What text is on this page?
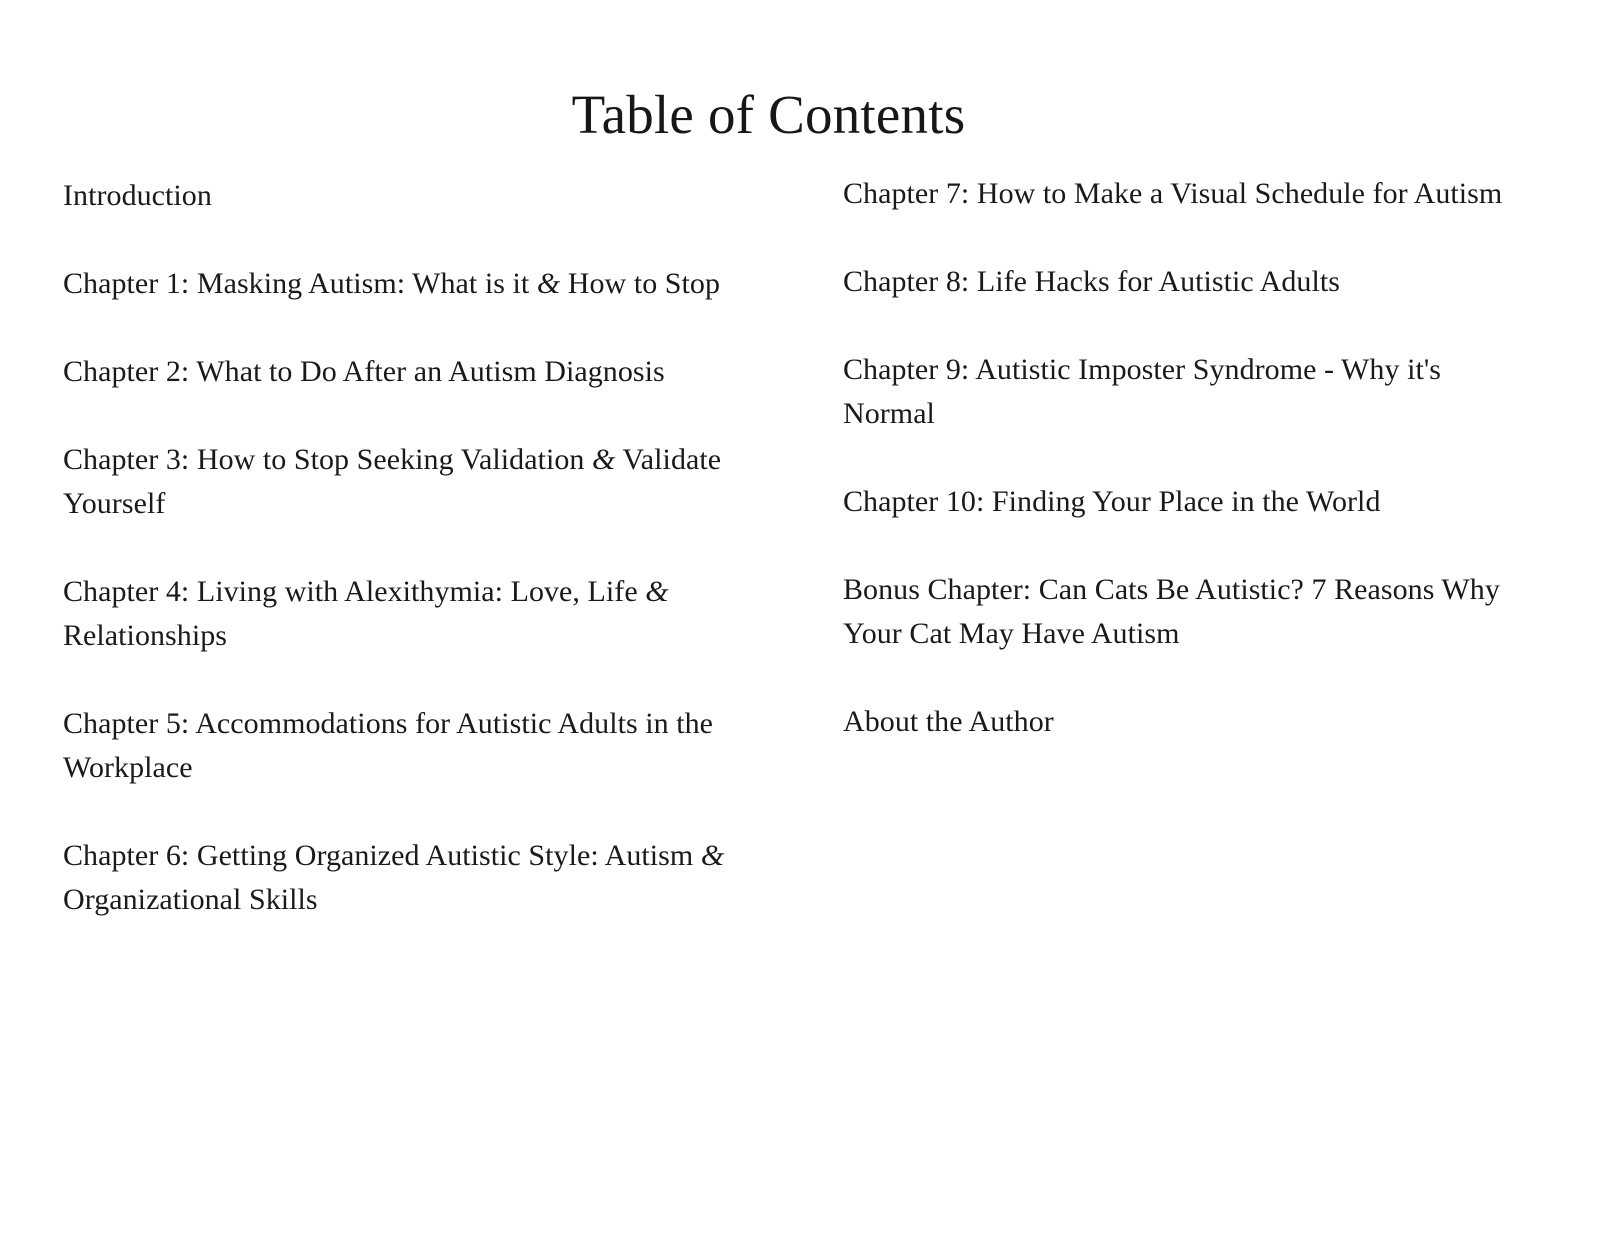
Table of Contents

Introduction

Chapter 1: Masking Autism: What is it & How to Stop

Chapter 2: What to Do After an Autism Diagnosis

Chapter 3: How to Stop Seeking Validation & Validate Yourself

Chapter 4: Living with Alexithymia: Love, Life & Relationships

Chapter 5: Accommodations for Autistic Adults in the Workplace

Chapter 6: Getting Organized Autistic Style: Autism & Organizational Skills

Chapter 7: How to Make a Visual Schedule for Autism

Chapter 8: Life Hacks for Autistic Adults

Chapter 9: Autistic Imposter Syndrome - Why it's Normal

Chapter 10: Finding Your Place in the World

Bonus Chapter: Can Cats Be Autistic? 7 Reasons Why Your Cat May Have Autism

About the Author
